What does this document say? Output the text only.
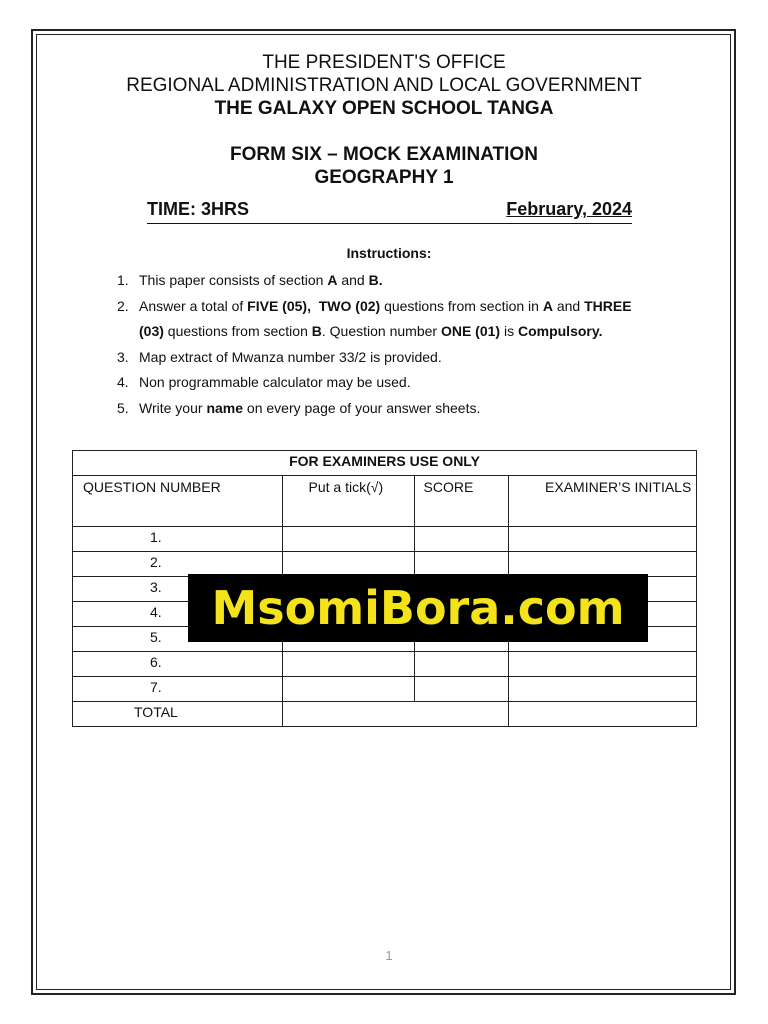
THE PRESIDENT'S OFFICE
REGIONAL ADMINISTRATION AND LOCAL GOVERNMENT
THE GALAXY OPEN SCHOOL TANGA
FORM SIX – MOCK EXAMINATION
GEOGRAPHY 1
TIME: 3HRS	February, 2024
Instructions:
1. This paper consists of section A and B.
2. Answer a total of FIVE (05),  TWO (02) questions from section in A and THREE
(03) questions from section B. Question number ONE (01) is Compulsory.
3. Map extract of Mwanza number 33/2 is provided.
4. Non programmable calculator may be used.
5. Write your name on every page of your answer sheets.
FOR EXAMINERS USE ONLY			

QUESTION NUMBER	Put a tick(√)	SCORE	EXAMINER’S INITIALS

1.			
2.			
3.			
4.			
5.			
6.			
7.			
TOTAL			
MsomiBora.com
1
